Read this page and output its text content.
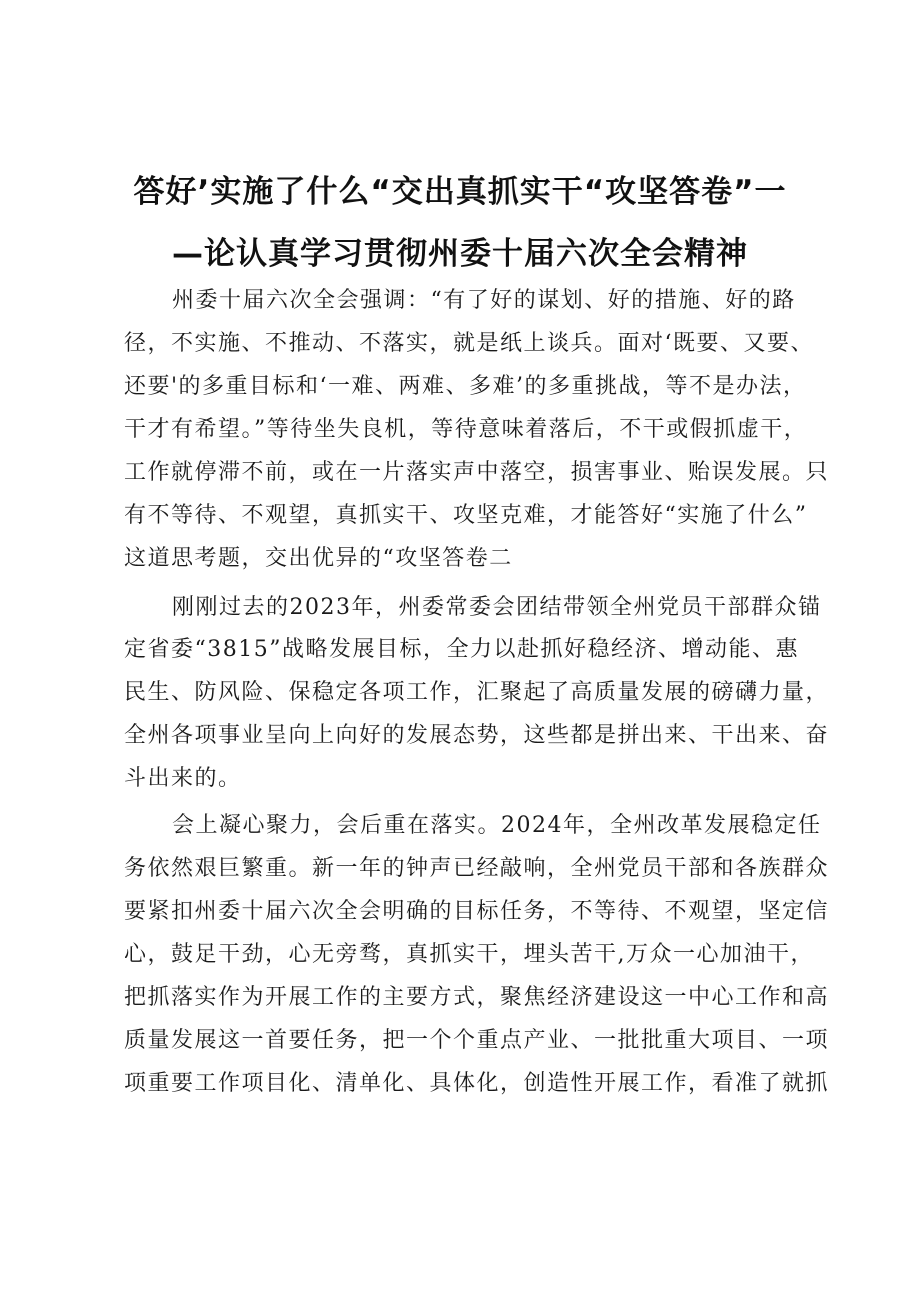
答好’实施了什么“交出真抓实干“攻坚答卷”一
—论认真学习贯彻州委十届六次全会精神
州委十届六次全会强调：“有了好的谋划、好的措施、好的路
径，不实施、不推动、不落实，就是纸上谈兵。面对‘既要、又要、
还要'的多重目标和‘一难、两难、多难’的多重挑战，等不是办法，
干才有希望。”等待坐失良机，等待意味着落后，不干或假抓虚干，
工作就停滞不前，或在一片落实声中落空，损害事业、贻误发展。只
有不等待、不观望，真抓实干、攻坚克难，才能答好“实施了什么”
这道思考题，交出优异的“攻坚答卷二
刚刚过去的2023年，州委常委会团结带领全州党员干部群众锚
定省委“3815”战略发展目标，全力以赴抓好稳经济、增动能、惠
民生、防风险、保稳定各项工作，汇聚起了高质量发展的磅礴力量，
全州各项事业呈向上向好的发展态势，这些都是拼出来、干出来、奋
斗出来的。
会上凝心聚力，会后重在落实。2024年，全州改革发展稳定任
务依然艰巨繁重。新一年的钟声已经敲响，全州党员干部和各族群众
要紧扣州委十届六次全会明确的目标任务，不等待、不观望，坚定信
心，鼓足干劲，心无旁骛，真抓实干，埋头苦干,万众一心加油干，
把抓落实作为开展工作的主要方式，聚焦经济建设这一中心工作和高
质量发展这一首要任务，把一个个重点产业、一批批重大项目、一项
项重要工作项目化、清单化、具体化，创造性开展工作，看准了就抓
